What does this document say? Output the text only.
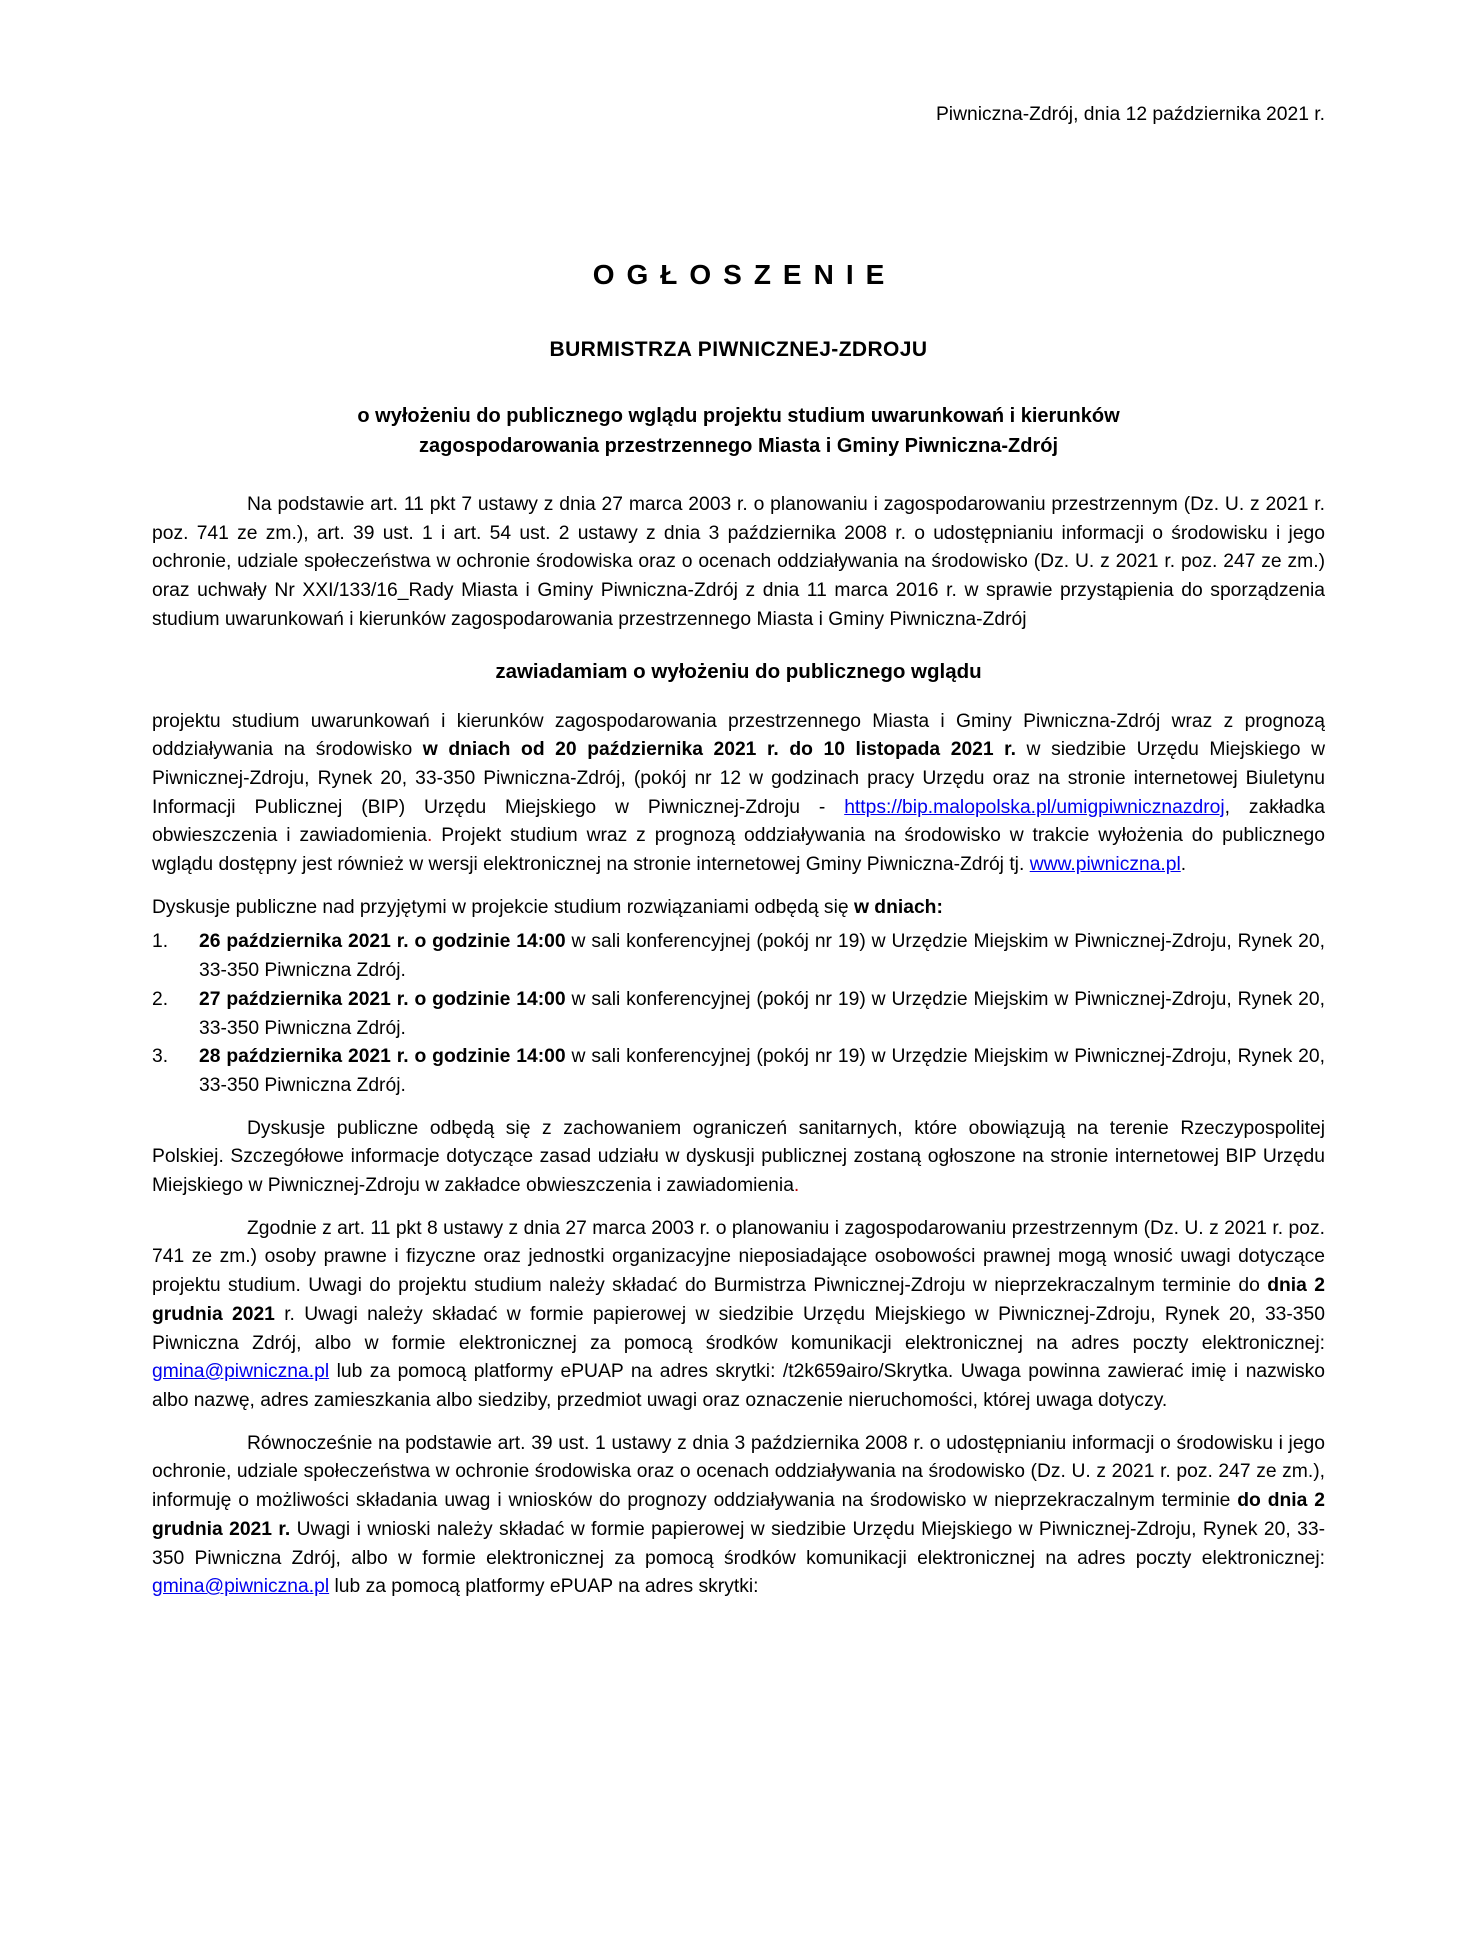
Piwniczna-Zdrój, dnia 12 października 2021 r.
OGŁOSZENIE
BURMISTRZA PIWNICZNEJ-ZDROJU
o wyłożeniu do publicznego wglądu projektu studium uwarunkowań i kierunków
zagospodarowania przestrzennego Miasta i Gminy Piwniczna-Zdrój

Na podstawie art. 11 pkt 7 ustawy z dnia 27 marca 2003 r. o planowaniu i zagospodarowaniu przestrzennym (Dz. U. z 2021 r. poz. 741 ze zm.), art. 39 ust. 1 i art. 54 ust. 2 ustawy z dnia 3 października 2008 r. o udostępnianiu informacji o środowisku i jego ochronie, udziale społeczeństwa w ochronie środowiska oraz o ocenach oddziaływania na środowisko (Dz. U. z 2021 r. poz. 247 ze zm.) oraz uchwały Nr XXI/133/16_Rady Miasta i Gminy Piwniczna-Zdrój z dnia 11 marca 2016 r. w sprawie przystąpienia do sporządzenia studium uwarunkowań i kierunków zagospodarowania przestrzennego Miasta i Gminy Piwniczna-Zdrój

zawiadamiam o wyłożeniu do publicznego wglądu

projektu studium uwarunkowań i kierunków zagospodarowania przestrzennego Miasta i Gminy Piwniczna-Zdrój wraz z prognozą oddziaływania na środowisko w dniach od 20 października 2021 r. do 10 listopada 2021 r. w siedzibie Urzędu Miejskiego w Piwnicznej-Zdroju, Rynek 20, 33-350 Piwniczna-Zdrój, (pokój nr 12 w godzinach pracy Urzędu oraz na stronie internetowej Biuletynu Informacji Publicznej (BIP) Urzędu Miejskiego w Piwnicznej-Zdroju - https://bip.malopolska.pl/umigpiwnicznazdroj, zakładka obwieszczenia i zawiadomienia. Projekt studium wraz z prognozą oddziaływania na środowisko w trakcie wyłożenia do publicznego wglądu dostępny jest również w wersji elektronicznej na stronie internetowej Gminy Piwniczna-Zdrój tj. www.piwniczna.pl.

Dyskusje publiczne nad przyjętymi w projekcie studium rozwiązaniami odbędą się w dniach:

1.	26 października 2021 r. o godzinie 14:00 w sali konferencyjnej (pokój nr 19) w Urzędzie Miejskim w Piwnicznej-Zdroju, Rynek 20, 33-350 Piwniczna Zdrój.
2.	27 października 2021 r. o godzinie 14:00 w sali konferencyjnej (pokój nr 19) w Urzędzie Miejskim w Piwnicznej-Zdroju, Rynek 20, 33-350 Piwniczna Zdrój.
3.	28 października 2021 r. o godzinie 14:00 w sali konferencyjnej (pokój nr 19) w Urzędzie Miejskim w Piwnicznej-Zdroju, Rynek 20, 33-350 Piwniczna Zdrój.

Dyskusje publiczne odbędą się z zachowaniem ograniczeń sanitarnych, które obowiązują na terenie Rzeczypospolitej Polskiej. Szczegółowe informacje dotyczące zasad udziału w dyskusji publicznej zostaną ogłoszone na stronie internetowej BIP Urzędu Miejskiego w Piwnicznej-Zdroju w zakładce obwieszczenia i zawiadomienia.

Zgodnie z art. 11 pkt 8 ustawy z dnia 27 marca 2003 r. o planowaniu i zagospodarowaniu przestrzennym (Dz. U. z 2021 r. poz. 741 ze zm.) osoby prawne i fizyczne oraz jednostki organizacyjne nieposiadające osobowości prawnej mogą wnosić uwagi dotyczące projektu studium. Uwagi do projektu studium należy składać do Burmistrza Piwnicznej-Zdroju w nieprzekraczalnym terminie do dnia 2 grudnia 2021 r. Uwagi należy składać w formie papierowej w siedzibie Urzędu Miejskiego w Piwnicznej-Zdroju, Rynek 20, 33-350 Piwniczna Zdrój, albo w formie elektronicznej za pomocą środków komunikacji elektronicznej na adres poczty elektronicznej: gmina@piwniczna.pl lub za pomocą platformy ePUAP na adres skrytki: /t2k659airo/Skrytka. Uwaga powinna zawierać imię i nazwisko albo nazwę, adres zamieszkania albo siedziby, przedmiot uwagi oraz oznaczenie nieruchomości, której uwaga dotyczy.

Równocześnie na podstawie art. 39 ust. 1 ustawy z dnia 3 października 2008 r. o udostępnianiu informacji o środowisku i jego ochronie, udziale społeczeństwa w ochronie środowiska oraz o ocenach oddziaływania na środowisko (Dz. U. z 2021 r. poz. 247 ze zm.), informuję o możliwości składania uwag i wniosków do prognozy oddziaływania na środowisko w nieprzekraczalnym terminie do dnia 2 grudnia 2021 r. Uwagi i wnioski należy składać w formie papierowej w siedzibie Urzędu Miejskiego w Piwnicznej-Zdroju, Rynek 20, 33-350 Piwniczna Zdrój, albo w formie elektronicznej za pomocą środków komunikacji elektronicznej na adres poczty elektronicznej: gmina@piwniczna.pl lub za pomocą platformy ePUAP na adres skrytki:
